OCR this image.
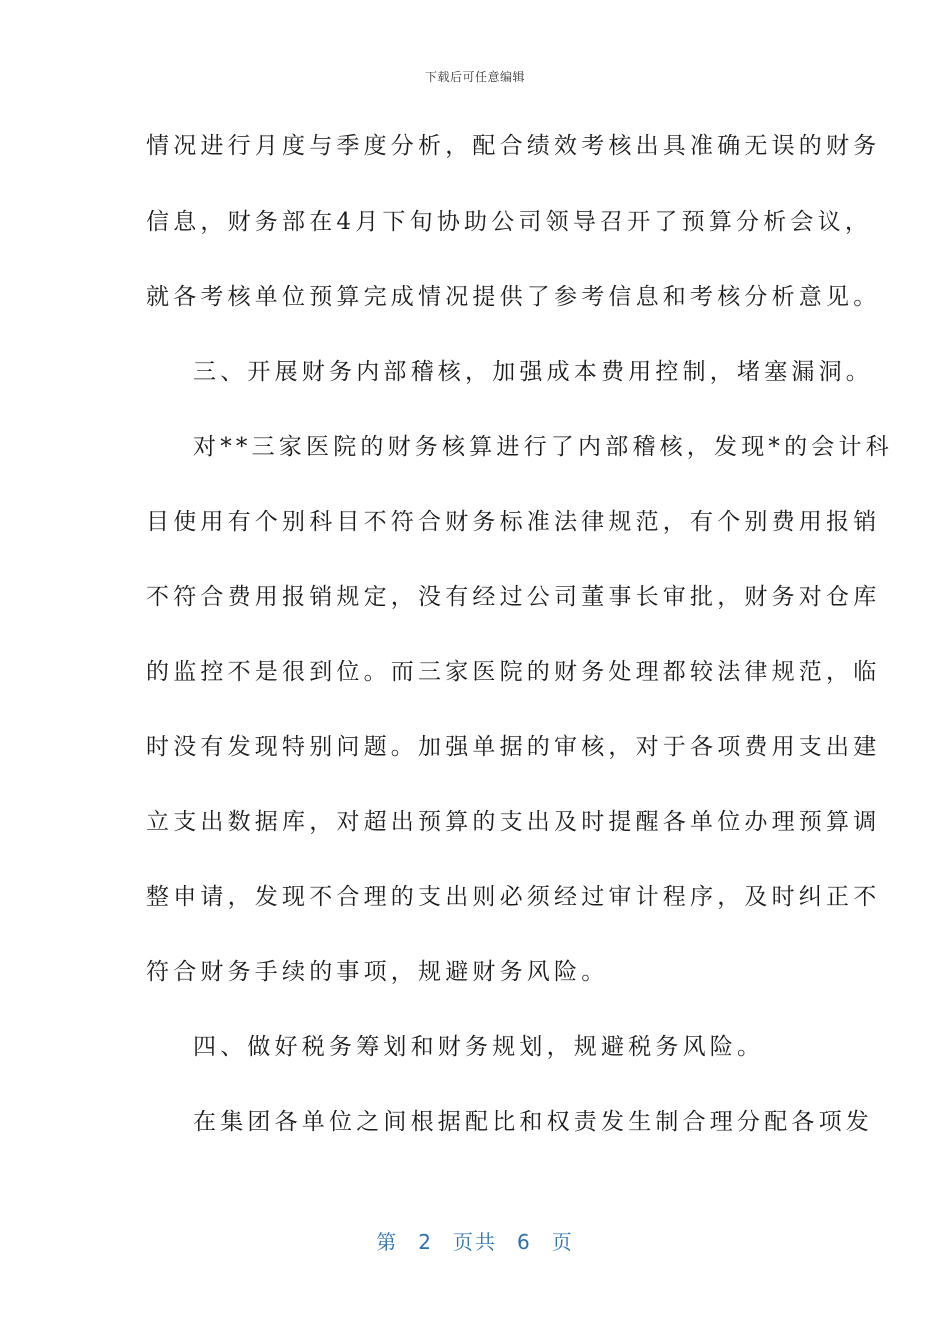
下载后可任意编辑
情况进行月度与季度分析，配合绩效考核出具准确无误的财务
信息，财务部在4月下旬协助公司领导召开了预算分析会议，
就各考核单位预算完成情况提供了参考信息和考核分析意见。
三、开展财务内部稽核，加强成本费用控制，堵塞漏洞。
对**三家医院的财务核算进行了内部稽核，发现*的会计科
目使用有个别科目不符合财务标准法律规范，有个别费用报销
不符合费用报销规定，没有经过公司董事长审批，财务对仓库
的监控不是很到位。而三家医院的财务处理都较法律规范，临
时没有发现特别问题。加强单据的审核，对于各项费用支出建
立支出数据库，对超出预算的支出及时提醒各单位办理预算调
整申请，发现不合理的支出则必须经过审计程序，及时纠正不
符合财务手续的事项，规避财务风险。
四、做好税务筹划和财务规划，规避税务风险。
在集团各单位之间根据配比和权责发生制合理分配各项发
第 2 页共 6 页
